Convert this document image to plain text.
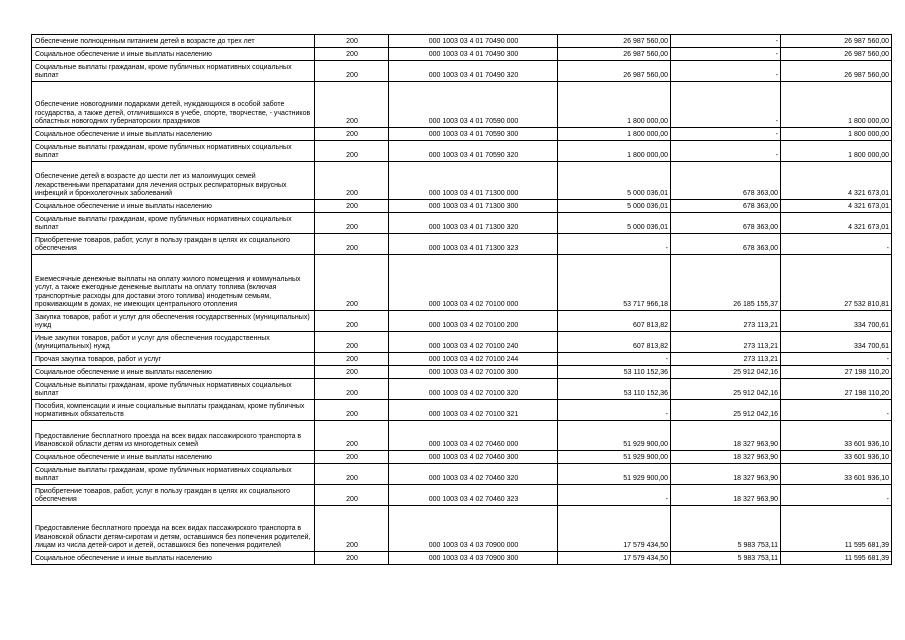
Обеспечение полноценным питанием детей в возрасте до трех лет	200	000 1003 03 4 01 70490 000	26 987 560,00	-	26 987 560,00

Социальное обеспечение и иные выплаты населению	200	000 1003 03 4 01 70490 300	26 987 560,00	-	26 987 560,00

Социальные выплаты гражданам, кроме публичных нормативных социальных выплат	200	000 1003 03 4 01 70490 320	26 987 560,00	-	26 987 560,00

Обеспечение новогодними подарками детей, нуждающихся в особой заботе государства, а также детей, отличившихся в учебе, спорте, творчестве, - участников областных новогодних губернаторских праздников	200	000 1003 03 4 01 70590 000	1 800 000,00	-	1 800 000,00

Социальное обеспечение и иные выплаты населению	200	000 1003 03 4 01 70590 300	1 800 000,00	-	1 800 000,00

Социальные выплаты гражданам, кроме публичных нормативных социальных выплат	200	000 1003 03 4 01 70590 320	1 800 000,00	-	1 800 000,00

Обеспечение детей в возрасте до шести лет из малоимущих семей лекарственными препаратами для лечения острых респираторных вирусных инфекций и бронхолегочных заболеваний	200	000 1003 03 4 01 71300 000	5 000 036,01	678 363,00	4 321 673,01

Социальное обеспечение и иные выплаты населению	200	000 1003 03 4 01 71300 300	5 000 036,01	678 363,00	4 321 673,01

Социальные выплаты гражданам, кроме публичных нормативных социальных выплат	200	000 1003 03 4 01 71300 320	5 000 036,01	678 363,00	4 321 673,01

Приобретение товаров, работ, услуг в пользу граждан в целях их социального обеспечения	200	000 1003 03 4 01 71300 323	-	678 363,00	-

Ежемесячные денежные выплаты на оплату жилого помещения и коммунальных услуг, а также ежегодные денежные выплаты на оплату топлива (включая транспортные расходы для доставки этого топлива) инодетным семьям, проживающим в домах, не имеющих центрального отопления	200	000 1003 03 4 02 70100 000	53 717 966,18	26 185 155,37	27 532 810,81

Закупка товаров, работ и услуг для обеспечения государственных (муниципальных) нужд	200	000 1003 03 4 02 70100 200	607 813,82	273 113,21	334 700,61

Иные закупки товаров, работ и услуг для обеспечения государственных (муниципальных) нужд	200	000 1003 03 4 02 70100 240	607 813,82	273 113,21	334 700,61

Прочая закупка товаров, работ и услуг	200	000 1003 03 4 02 70100 244	-	273 113,21	-

Социальное обеспечение и иные выплаты населению	200	000 1003 03 4 02 70100 300	53 110 152,36	25 912 042,16	27 198 110,20

Социальные выплаты гражданам, кроме публичных нормативных социальных выплат	200	000 1003 03 4 02 70100 320	53 110 152,36	25 912 042,16	27 198 110,20

Пособия, компенсации и иные социальные выплаты гражданам, кроме публичных нормативных обязательств	200	000 1003 03 4 02 70100 321	-	25 912 042,16	-

Предоставление бесплатного проезда на всех видах пассажирского транспорта в Ивановской области детям из многодетных семей	200	000 1003 03 4 02 70460 000	51 929 900,00	18 327 963,90	33 601 936,10

Социальное обеспечение и иные выплаты населению	200	000 1003 03 4 02 70460 300	51 929 900,00	18 327 963,90	33 601 936,10

Социальные выплаты гражданам, кроме публичных нормативных социальных выплат	200	000 1003 03 4 02 70460 320	51 929 900,00	18 327 963,90	33 601 936,10

Приобретение товаров, работ, услуг в пользу граждан в целях их социального обеспечения	200	000 1003 03 4 02 70460 323	-	18 327 963,90	-

Предоставление бесплатного проезда на всех видах пассажирского транспорта в Ивановской области детям-сиротам и детям, оставшимся без попечения родителей, лицам из числа детей-сирот и детей, оставшихся без попечения родителей	200	000 1003 03 4 03 70900 000	17 579 434,50	5 983 753,11	11 595 681,39

Социальное обеспечение и иные выплаты населению	200	000 1003 03 4 03 70900 300	17 579 434,50	5 983 753,11	11 595 681,39
